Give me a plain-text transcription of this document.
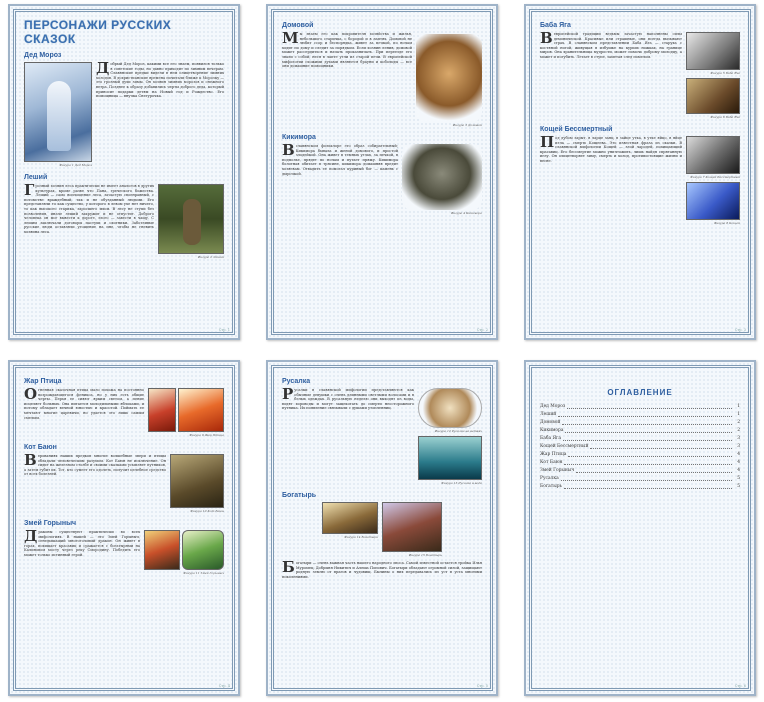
ПЕРСОНАЖИ РУССКИХ СКАЗОК
Дед Мороз
Фигура 1 Дед Мороз

Добрый Дед Мороз, какими все его знаем, появился только в советские годы, но давно приходит по зимним вечерам. Славянские предки видели в нем олицетворение зимних холодов. В дохристианские времена почитали ближе к Морозку — это грозный духи зимы. Он хозяин зимних морозов и снежного ветра. Позднее к образу добавились черты доброго деда, который приносит подарки детям на Новый год и Рождество. Его помощница — внучка Снегурочка.

Леший
Фигура 2 Леший

Грозный хозяин леса практически не имеет аналогов в других культурах, кроме разве что Пана, греческого божества. Леший — само воплощение леса, зачастую своенравный, с потомстве враждебный, так и не обузданный людьми. Его представляли то как существо, у которого в левом ухе нет ничего, то как высокого старика, заросшего мхом. В лесу не ступи без позволения, иначе леший закружит и не отпустит. Доброго человека он мог вывести к дороге, злого — завести в чащу. С лешим заключали договоры пастухи и охотники. Заботливые русские люди оставляли угощение на пне, чтобы не гневить хозяина леса.

Стр. 1
Домовой
Фигура 3 Домовой

Мы знаем его как покровителя хозяйства и жилья, небольшого старичка, с бородой и в лаптях. Домовой не любит ссор и беспорядка, живет за печкой, по ночам ходит по дому и следит за порядком. Если хозяин ленив, домовой может рассердиться и начать проказничать. При переезде его звали с собой, неся в лапте угли из старой печи. В европейской мифологии схожими духами являются брауни и кобольды — все они домашние помощники.

Кикимора
Фигура 4 Кикимора

В славянском фольклоре это образ собирательный; Кикимора бывала и женой домового, и простой злодейкой. Она живет в темных углах, за печкой, в подполье, прядет по ночам и путает пряжу. Кикимора болотная обитает в трясине, кикимора домашняя вредит хозяевам. Отвадить ее помогал куриный бог — камень с дырочкой.

Стр. 2
Баба Яга
Фигура 5 Баба Яга
Фигура 6 Баба Яга

В европейской традиции ведьмы зачастую наполнены силы демонической. Красивые или страшные, они всегда вызывают страх. В славянском представлении Баба Яга — старуха с костяной ногой, живущая в избушке на курьих ножках, на границе миров. Она хранительница мудрости, может помочь доброму молодцу, а может и погубить. Летает в ступе, заметая след помелом.

Кощей Бессмертный
Фигура 7 Кощей Бессмертный
Фигура 8 Кощей

Под дубом зарыт, в ларце заяц, в зайце утка, в утке яйцо, в яйце игла — смерть Кощеева. Это известная фраза из сказки. В славянской мифологии Кощей — злой чародей, похищающий красавиц. Его бессмертие можно уничтожить, лишь найдя спрятанную иглу. Он олицетворяет зиму, смерть и холод, противостоящие жизни и весне.

Стр. 3
Жар Птица
Фигура 9 Жар Птица

Огненная сказочная птица мало похожа на постоянно возрождающегося феникса, но у них есть общие черты. Перья ее сияют ярким светом, а пение исцеляет больных. Она питается молодильными яблоками, и потому обладает вечной юностью и красотой. Поймать ее мечтают многие царевичи, но удается это лишь самым смелым.

Кот Баюн
Фигура 10 Кот Баюн

Верованиях наших предков многие волшебные звери и птицы обладали человеческим разумом. Кот Баюн не исключение. Он сидит на железном столбе и своими сказками усыпляет путников, а затем губит их. Тот, кто сумеет его одолеть, получит целебное средство от всех болезней.

Змей Горыныч
Фигура 11 Змей Горыныч

Драконы существуют практически во всех мифологиях. В нашей — это Змей Горыныч, огнедышащий многоголовый дракон. Он живет в горах, похищает красавиц и сражается с богатырями на Калиновом мосту через реку Смородину. Победить его может только истинный герой.

Стр. 4
Русалка
Фигура 12 Русалка на ветвях
Фигура 13 Русалка в воде

Русалки в славянской мифологии представляются как обычные девушки с очень длинными светлыми волосами и в белых одеждах. В русальную неделю они выходят из воды, водят хороводы и могут защекотать до смерти неосторожного путника. Их появление связывали с душами утопленниц.

Богатырь
Фигура 14 Богатыри
Фигура 15 Богатырь

Богатыри — очень важная часть нашего народного эпоса. Самой известной остается тройка Илья Муромец, Добрыня Никитич и Алеша Попович. Богатыри обладают огромной силой, защищают родную землю от врагов и чудовищ. Былины о них передавались из уст в уста многими поколениями.

Стр. 5
ОГЛАВЛЕНИЕ
Дед Мороз	1
Леший	1
Домовой	2
Кикимора	2
Баба Яга	3
Кощей Бессмертный	3
Жар Птица	4
Кот Баюн	4
Змей Горыныч	4
Русалка	5
Богатырь	5
Стр. 6
